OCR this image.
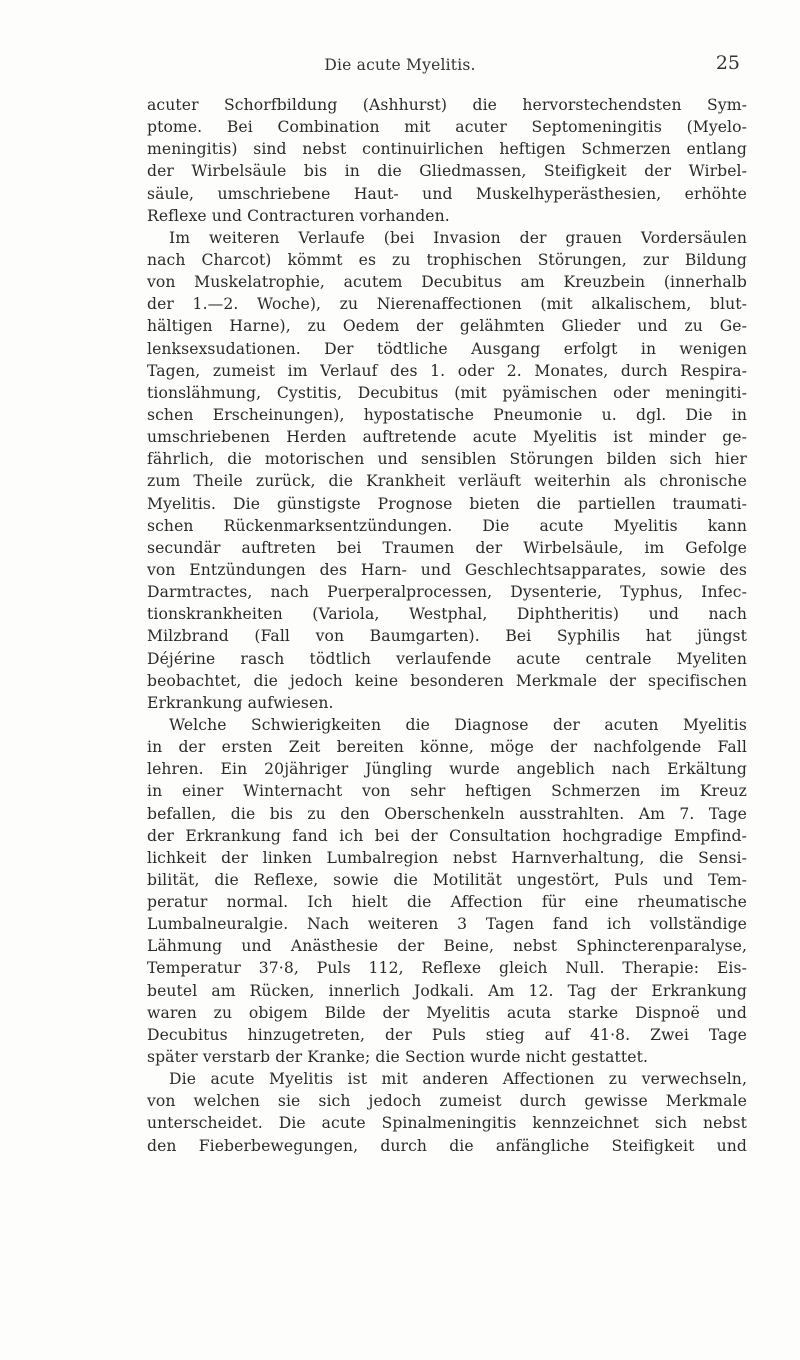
Die acute Myelitis.	25
acuter Schorfbildung (Ashhurst) die hervorstechendsten Sym-
ptome. Bei Combination mit acuter Septomeningitis (Myelo-
meningitis) sind nebst continuirlichen heftigen Schmerzen entlang
der Wirbelsäule bis in die Gliedmassen, Steifigkeit der Wirbel-
säule, umschriebene Haut- und Muskelhyperästhesien, erhöhte
Reflexe und Contracturen vorhanden.
Im weiteren Verlaufe (bei Invasion der grauen Vordersäulen
nach Charcot) kömmt es zu trophischen Störungen, zur Bildung
von Muskelatrophie, acutem Decubitus am Kreuzbein (innerhalb
der 1.—2. Woche), zu Nierenaffectionen (mit alkalischem, blut-
hältigen Harne), zu Oedem der gelähmten Glieder und zu Ge-
lenksexsudationen. Der tödtliche Ausgang erfolgt in wenigen
Tagen, zumeist im Verlauf des 1. oder 2. Monates, durch Respira-
tionslähmung, Cystitis, Decubitus (mit pyämischen oder meningiti-
schen Erscheinungen), hypostatische Pneumonie u. dgl. Die in
umschriebenen Herden auftretende acute Myelitis ist minder ge-
fährlich, die motorischen und sensiblen Störungen bilden sich hier
zum Theile zurück, die Krankheit verläuft weiterhin als chronische
Myelitis. Die günstigste Prognose bieten die partiellen traumati-
schen Rückenmarksentzündungen. Die acute Myelitis kann
secundär auftreten bei Traumen der Wirbelsäule, im Gefolge
von Entzündungen des Harn- und Geschlechtsapparates, sowie des
Darmtractes, nach Puerperalprocessen, Dysenterie, Typhus, Infec-
tionskrankheiten (Variola, Westphal, Diphtheritis) und nach
Milzbrand (Fall von Baumgarten). Bei Syphilis hat jüngst
Déjérine rasch tödtlich verlaufende acute centrale Myeliten
beobachtet, die jedoch keine besonderen Merkmale der specifischen
Erkrankung aufwiesen.
Welche Schwierigkeiten die Diagnose der acuten Myelitis
in der ersten Zeit bereiten könne, möge der nachfolgende Fall
lehren. Ein 20jähriger Jüngling wurde angeblich nach Erkältung
in einer Winternacht von sehr heftigen Schmerzen im Kreuz
befallen, die bis zu den Oberschenkeln ausstrahlten. Am 7. Tage
der Erkrankung fand ich bei der Consultation hochgradige Empfind-
lichkeit der linken Lumbalregion nebst Harnverhaltung, die Sensi-
bilität, die Reflexe, sowie die Motilität ungestört, Puls und Tem-
peratur normal. Ich hielt die Affection für eine rheumatische
Lumbalneuralgie. Nach weiteren 3 Tagen fand ich vollständige
Lähmung und Anästhesie der Beine, nebst Sphincterenparalyse,
Temperatur 37·8, Puls 112, Reflexe gleich Null. Therapie: Eis-
beutel am Rücken, innerlich Jodkali. Am 12. Tag der Erkrankung
waren zu obigem Bilde der Myelitis acuta starke Dispnoë und
Decubitus hinzugetreten, der Puls stieg auf 41·8. Zwei Tage
später verstarb der Kranke; die Section wurde nicht gestattet.
Die acute Myelitis ist mit anderen Affectionen zu verwechseln,
von welchen sie sich jedoch zumeist durch gewisse Merkmale
unterscheidet. Die acute Spinalmeningitis kennzeichnet sich nebst
den Fieberbewegungen, durch die anfängliche Steifigkeit und
